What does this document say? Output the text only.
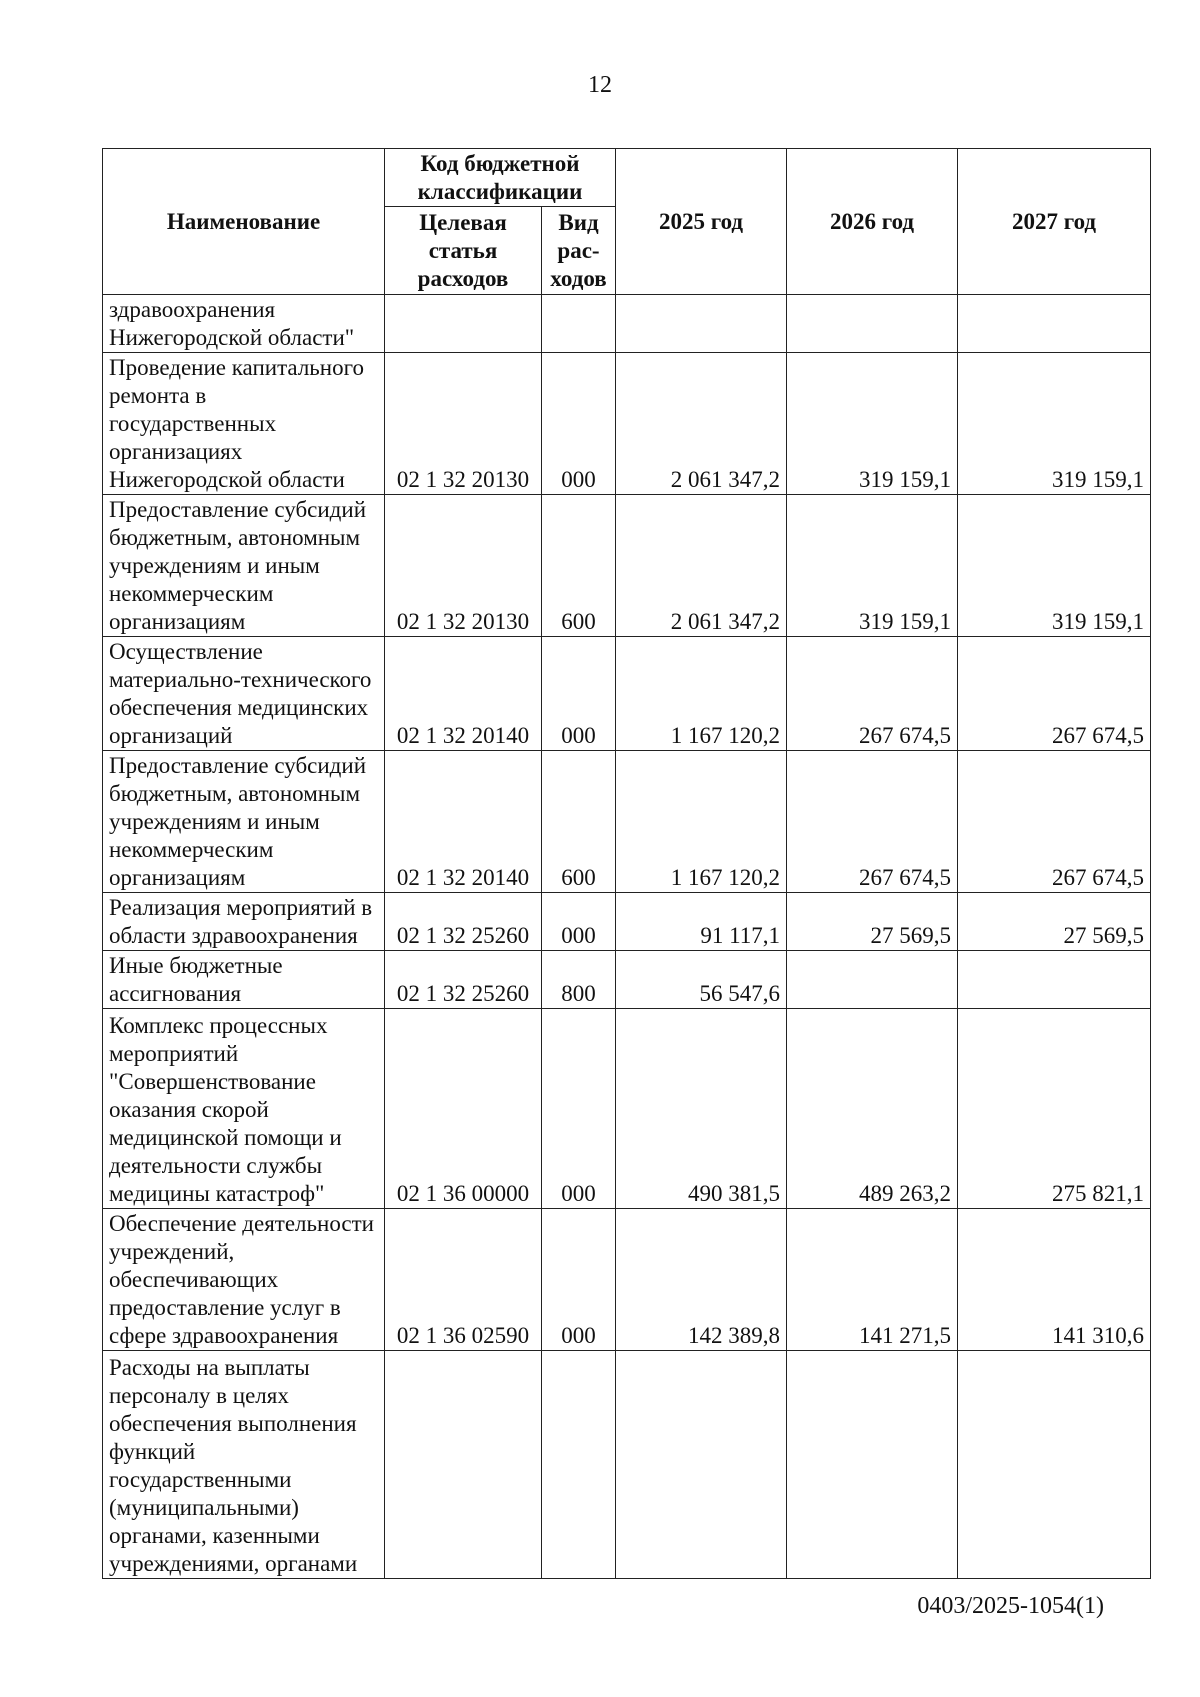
12
Наименование	Код бюджетной классификации		2025 год	2026 год	2027 год
	Целевая статья расходов	Вид рас-ходов			
здравоохранения Нижегородской области"					
Проведение капитального ремонта в государственных организациях Нижегородской области	02 1 32 20130	000	2 061 347,2	319 159,1	319 159,1
Предоставление субсидий бюджетным, автономным учреждениям и иным некоммерческим организациям	02 1 32 20130	600	2 061 347,2	319 159,1	319 159,1
Осуществление материально-технического обеспечения медицинских организаций	02 1 32 20140	000	1 167 120,2	267 674,5	267 674,5
Предоставление субсидий бюджетным, автономным учреждениям и иным некоммерческим организациям	02 1 32 20140	600	1 167 120,2	267 674,5	267 674,5
Реализация мероприятий в области здравоохранения	02 1 32 25260	000	91 117,1	27 569,5	27 569,5
Иные бюджетные ассигнования	02 1 32 25260	800	56 547,6		
Комплекс процессных мероприятий "Совершенствование оказания скорой медицинской помощи и деятельности службы медицины катастроф"	02 1 36 00000	000	490 381,5	489 263,2	275 821,1
Обеспечение деятельности учреждений, обеспечивающих предоставление услуг в сфере здравоохранения	02 1 36 02590	000	142 389,8	141 271,5	141 310,6
Расходы на выплаты персоналу в целях обеспечения выполнения функций государственными (муниципальными) органами, казенными учреждениями, органами					
0403/2025-1054(1)
